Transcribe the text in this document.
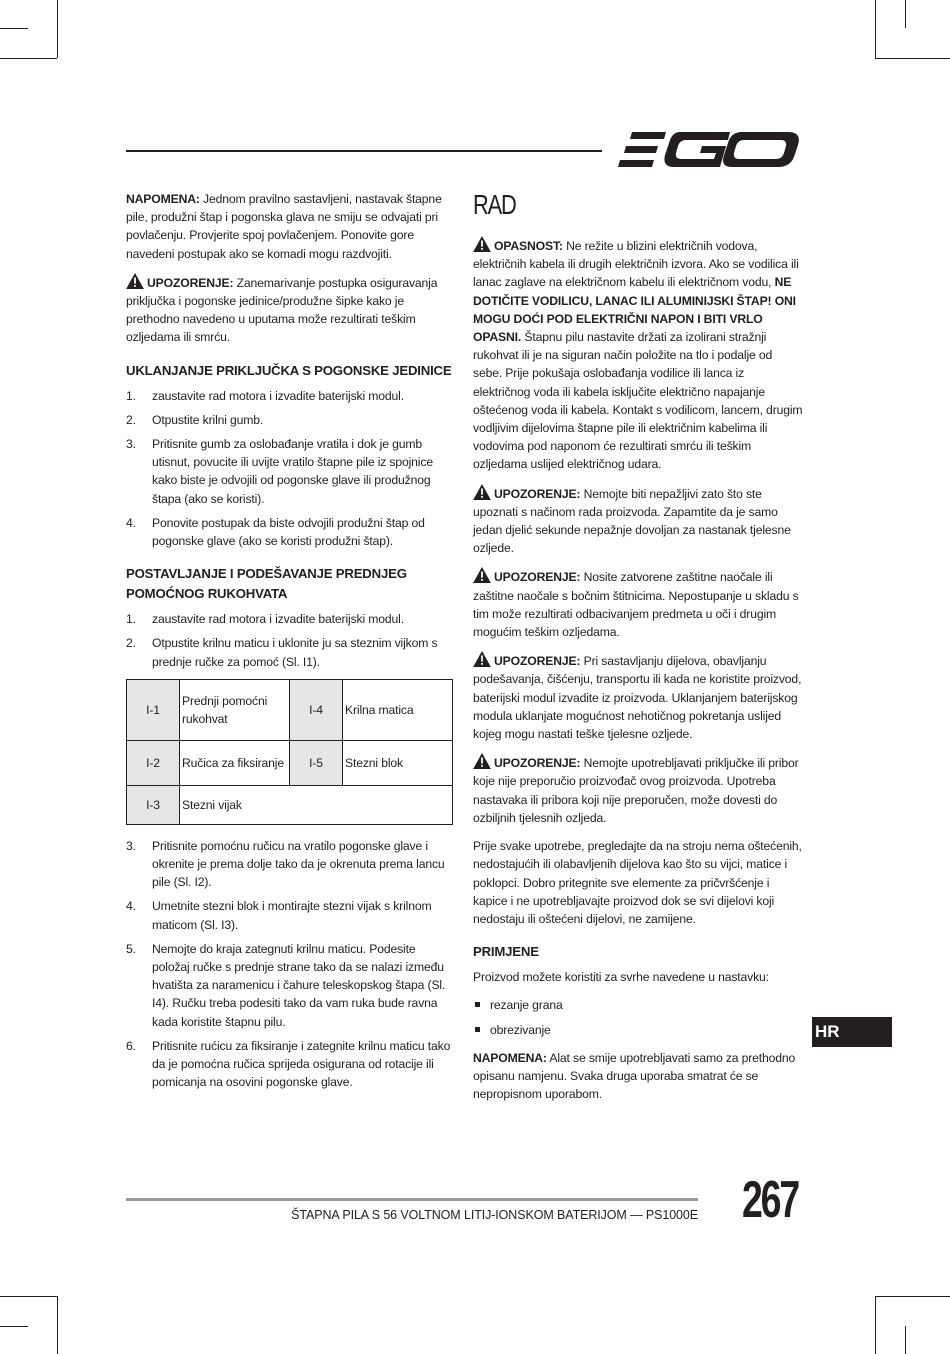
NAPOMENA: Jednom pravilno sastavljeni, nastavak štapne pile, produžni štap i pogonska glava ne smiju se odvajati pri povlačenju. Provjerite spoj povlačenjem. Ponovite gore navedeni postupak ako se komadi mogu razdvojiti.

UPOZORENJE: Zanemarivanje postupka osiguravanja priključka i pogonske jedinice/produžne šipke kako je prethodno navedeno u uputama može rezultirati teškim ozljedama ili smrću.

UKLANJANJE PRIKLJUČKA S POGONSKE JEDINICE
1. zaustavite rad motora i izvadite baterijski modul.
2. Otpustite krilni gumb.
3. Pritisnite gumb za oslobađanje vratila i dok je gumb utisnut, povucite ili uvijte vratilo štapne pile iz spojnice kako biste je odvojili od pogonske glave ili produžnog štapa (ako se koristi).
4. Ponovite postupak da biste odvojili produžni štap od pogonske glave (ako se koristi produžni štap).
POSTAVLJANJE I PODEŠAVANJE PREDNJEG POMOĆNOG RUKOHVATA
1. zaustavite rad motora i izvadite baterijski modul.
2. Otpustite krilnu maticu i uklonite ju sa steznim vijkom s prednje ručke za pomoć (Sl. I1).
I-1	Prednji pomoćni rukohvat	I-4	Krilna matica
I-2	Ručica za fiksiranje	I-5	Stezni blok
I-3	Stezni vijak		
3. Pritisnite pomoćnu ručicu na vratilo pogonske glave i okrenite je prema dolje tako da je okrenuta prema lancu pile (Sl. I2).
4. Umetnite stezni blok i montirajte stezni vijak s krilnom maticom (Sl. I3).
5. Nemojte do kraja zategnuti krilnu maticu. Podesite položaj ručke s prednje strane tako da se nalazi između hvatišta za naramenicu i čahure teleskopskog štapa (Sl. I4). Ručku treba podesiti tako da vam ruka bude ravna kada koristite štapnu pilu.
6. Pritisnite rućicu za fiksiranje i zategnite krilnu maticu tako da je pomoćna ručica sprijeda osigurana od rotacije ili pomicanja na osovini pogonske glave.
RAD

OPASNOST: Ne režite u blizini električnih vodova, električnih kabela ili drugih električnih izvora. Ako se vodilica ili lanac zaglave na električnom kabelu ili električnom vodu, NE DOTIČITE VODILICU, LANAC ILI ALUMINIJSKI ŠTAP! ONI MOGU DOĆI POD ELEKTRIČNI NAPON I BITI VRLO OPASNI. Štapnu pilu nastavite držati za izolirani stražnji rukohvat ili je na siguran način položite na tlo i podalje od sebe. Prije pokušaja oslobađanja vodilice ili lanca iz električnog voda ili kabela isključite električno napajanje oštećenog voda ili kabela. Kontakt s vodilicom, lancem, drugim vodljivim dijelovima štapne pile ili električnim kabelima ili vodovima pod naponom će rezultirati smrću ili teškim ozljedama uslijed električnog udara.

UPOZORENJE: Nemojte biti nepažljivi zato što ste upoznati s načinom rada proizvoda. Zapamtite da je samo jedan djelić sekunde nepažnje dovoljan za nastanak tjelesne ozljede.

UPOZORENJE: Nosite zatvorene zaštitne naočale ili zaštitne naočale s bočnim štitnicima. Nepostupanje u skladu s tim može rezultirati odbacivanjem predmeta u oči i drugim mogućim teškim ozljedama.

UPOZORENJE: Pri sastavljanju dijelova, obavljanju podešavanja, čišćenju, transportu ili kada ne koristite proizvod, baterijski modul izvadite iz proizvoda. Uklanjanjem baterijskog modula uklanjate mogućnost nehotičnog pokretanja uslijed kojeg mogu nastati teške tjelesne ozljede.

UPOZORENJE: Nemojte upotrebljavati priključke ili pribor koje nije preporučio proizvođač ovog proizvoda. Upotreba nastavaka ili pribora koji nije preporučen, može dovesti do ozbiljnih tjelesnih ozljeda.

Prije svake upotrebe, pregledajte da na stroju nema oštećenih, nedostajućih ili olabavljenih dijelova kao što su vijci, matice i poklopci. Dobro pritegnite sve elemente za pričvršćenje i kapice i ne upotrebljavajte proizvod dok se svi dijelovi koji nedostaju ili oštećeni dijelovi, ne zamijene.

PRIMJENE

Proizvod možete koristiti za svrhe navedene u nastavku:

rezanje grana
obrezivanje

NAPOMENA: Alat se smije upotrebljavati samo za prethodno opisanu namjenu. Svaka druga uporaba smatrat će se nepropisnom uporabom.

HR
ŠTAPNA PILA S 56 VOLTNOM LITIJ-IONSKOM BATERIJOM — PS1000E 267
